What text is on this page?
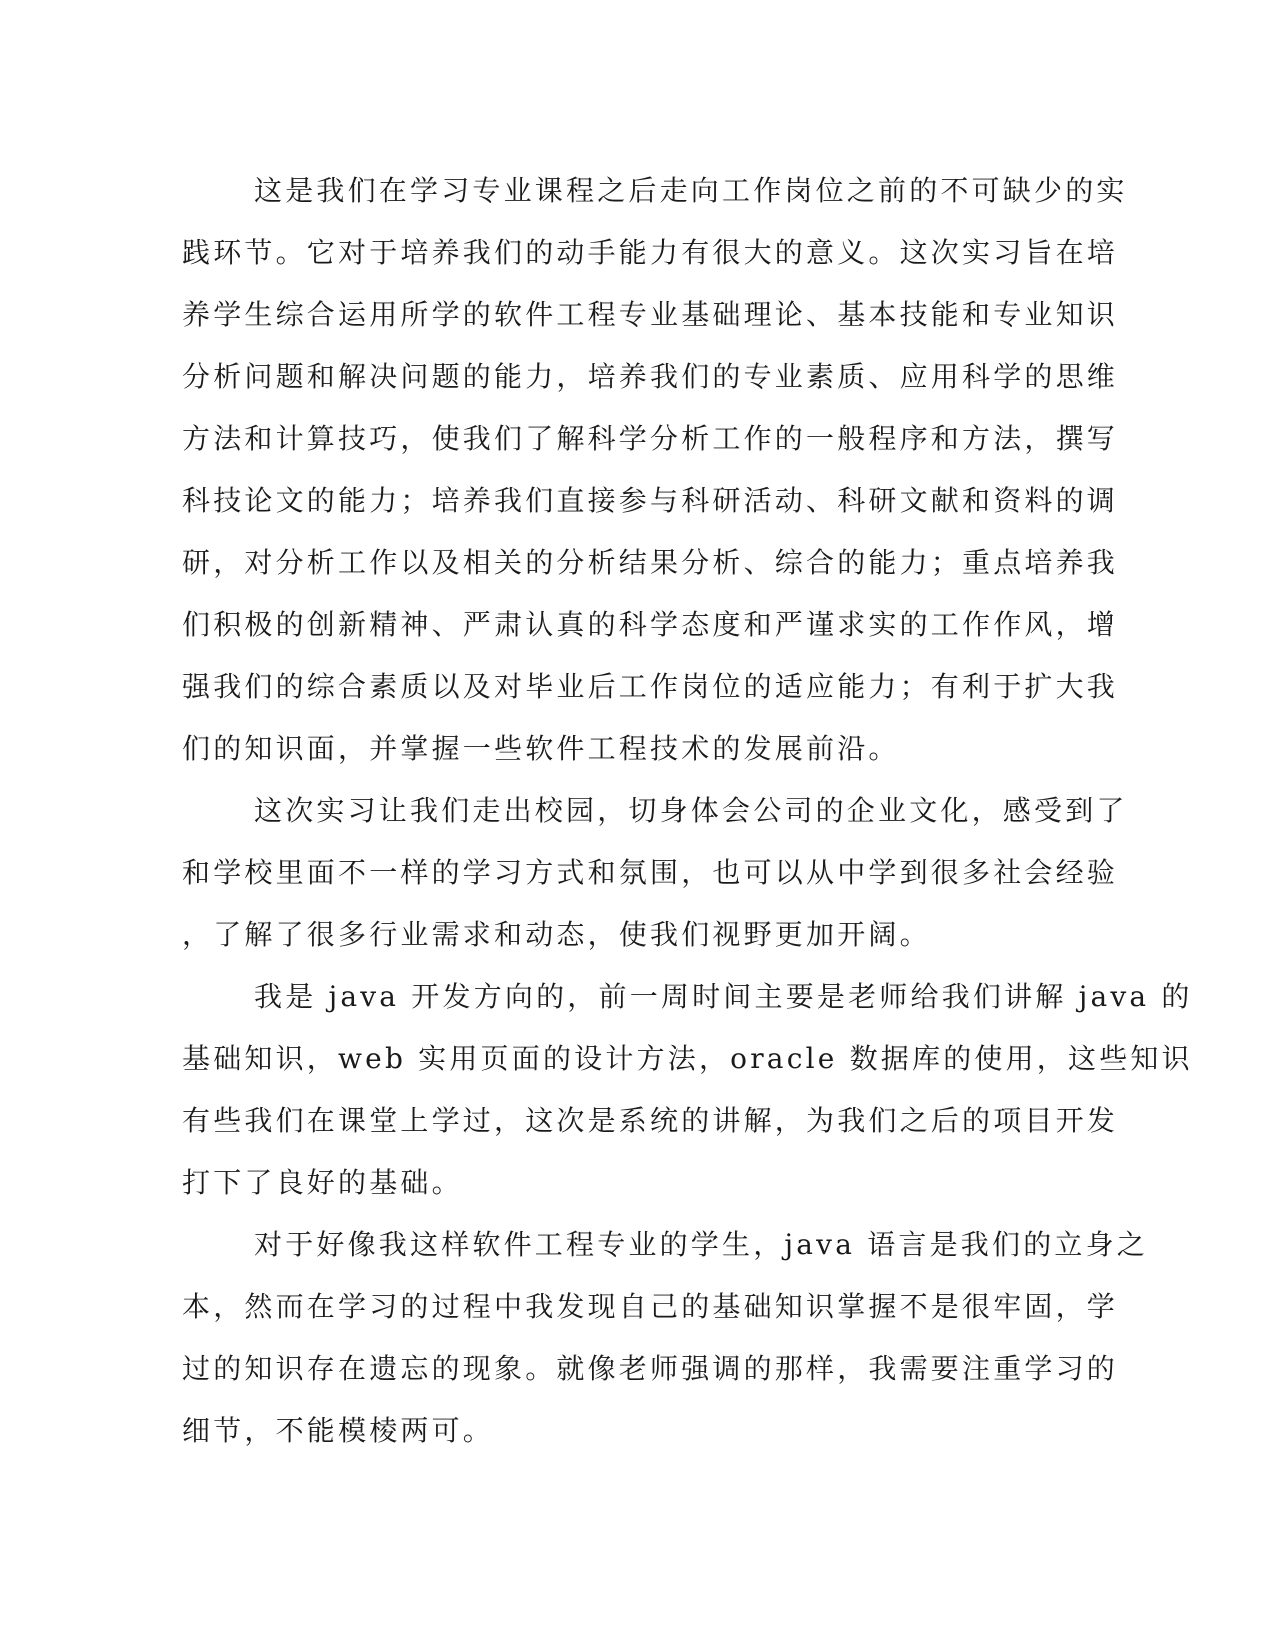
这是我们在学习专业课程之后走向工作岗位之前的不可缺少的实
践环节。它对于培养我们的动手能力有很大的意义。这次实习旨在培
养学生综合运用所学的软件工程专业基础理论、基本技能和专业知识
分析问题和解决问题的能力，培养我们的专业素质、应用科学的思维
方法和计算技巧，使我们了解科学分析工作的一般程序和方法，撰写
科技论文的能力；培养我们直接参与科研活动、科研文献和资料的调
研，对分析工作以及相关的分析结果分析、综合的能力；重点培养我
们积极的创新精神、严肃认真的科学态度和严谨求实的工作作风，增
强我们的综合素质以及对毕业后工作岗位的适应能力；有利于扩大我
们的知识面，并掌握一些软件工程技术的发展前沿。
这次实习让我们走出校园，切身体会公司的企业文化，感受到了
和学校里面不一样的学习方式和氛围，也可以从中学到很多社会经验
，了解了很多行业需求和动态，使我们视野更加开阔。
我是 java 开发方向的，前一周时间主要是老师给我们讲解 java 的
基础知识，web 实用页面的设计方法，oracle 数据库的使用，这些知识
有些我们在课堂上学过，这次是系统的讲解，为我们之后的项目开发
打下了良好的基础。
对于好像我这样软件工程专业的学生，java 语言是我们的立身之
本，然而在学习的过程中我发现自己的基础知识掌握不是很牢固，学
过的知识存在遗忘的现象。就像老师强调的那样，我需要注重学习的
细节，不能模棱两可。
